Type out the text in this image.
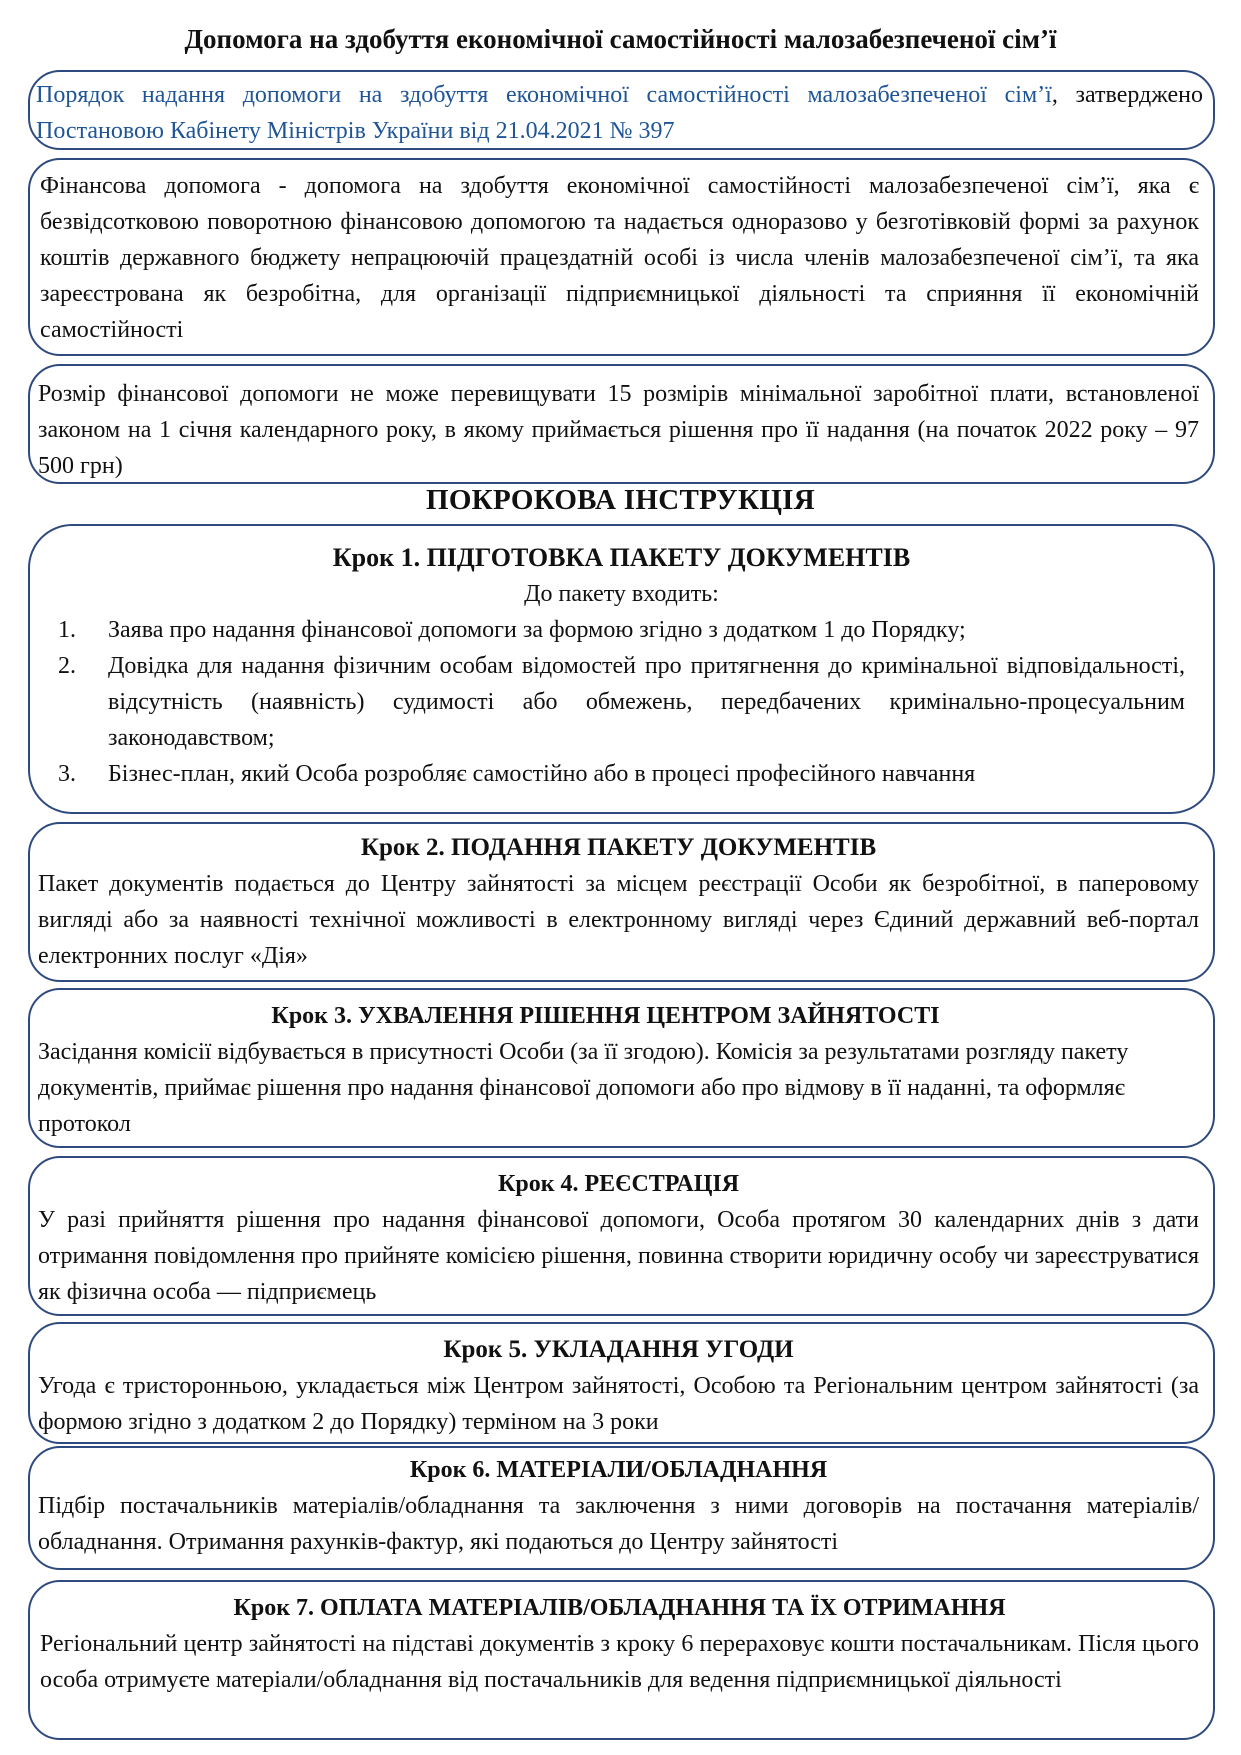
Допомога на здобуття економічної самостійності малозабезпеченої сім’ї

Порядок надання допомоги на здобуття економічної самостійності малозабезпеченої сім’ї, затверджено Постановою Кабінету Міністрів України від 21.04.2021 № 397

Фінансова допомога - допомога на здобуття економічної самостійності малозабезпеченої сім’ї, яка є безвідсотковою поворотною фінансовою допомогою та надається одноразово у безготівковій формі за рахунок коштів державного бюджету непрацюючій працездатній особі із числа членів малозабезпеченої сім’ї, та яка зареєстрована як безробітна, для організації підприємницької діяльності та сприяння її економічній самостійності

Розмір фінансової допомоги не може перевищувати 15 розмірів мінімальної заробітної плати, встановленої законом на 1 січня календарного року, в якому приймається рішення про її надання (на початок 2022 року – 97 500 грн)

ПОКРОКОВА ІНСТРУКЦІЯ

Крок 1. ПІДГОТОВКА ПАКЕТУ ДОКУМЕНТІВ

До пакету входить:

1.	Заява про надання фінансової допомоги за формою згідно з додатком 1 до Порядку;
2.	Довідка для надання фізичним особам відомостей про притягнення до кримінальної відповідальності, відсутність (наявність) судимості або обмежень, передбачених кримінально-процесуальним законодавством;
3.	Бізнес-план, який Особа розробляє самостійно або в процесі професійного навчання

Крок 2. ПОДАННЯ ПАКЕТУ ДОКУМЕНТІВ

Пакет документів подається до Центру зайнятості за місцем реєстрації Особи як безробітної, в паперовому вигляді або за наявності технічної можливості в електронному вигляді через Єдиний державний веб-портал електронних послуг «Дія»

Крок 3. УХВАЛЕННЯ РІШЕННЯ ЦЕНТРОМ ЗАЙНЯТОСТІ

Засідання комісії відбувається в присутності Особи (за її згодою). Комісія за результатами розгляду пакету документів, приймає рішення про надання фінансової допомоги або про відмову в її наданні, та оформляє протокол

Крок 4. РЕЄСТРАЦІЯ

У разі прийняття рішення про надання фінансової допомоги, Особа протягом 30 календарних днів з дати отримання повідомлення про прийняте комісією рішення, повинна створити юридичну особу чи зареєструватися як фізична особа — підприємець

Крок 5. УКЛАДАННЯ УГОДИ

Угода є тристоронньою, укладається між Центром зайнятості, Особою та Регіональним центром зайнятості (за формою згідно з додатком 2 до Порядку) терміном на 3 роки

Крок 6. МАТЕРІАЛИ/ОБЛАДНАННЯ

Підбір постачальників матеріалів/обладнання та заключення з ними договорів на постачання матеріалів/обладнання. Отримання рахунків-фактур, які подаються до Центру зайнятості

Крок 7. ОПЛАТА МАТЕРІАЛІВ/ОБЛАДНАННЯ ТА ЇХ ОТРИМАННЯ

Регіональний центр зайнятості на підставі документів з кроку 6 перераховує кошти постачальникам. Після цього особа отримуєте матеріали/обладнання від постачальників для ведення підприємницької діяльності
